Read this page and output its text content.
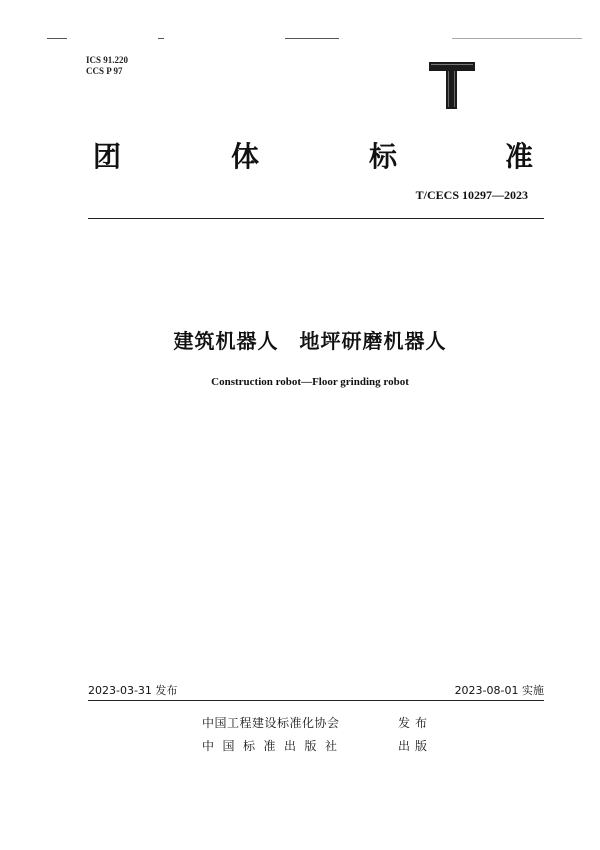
ICS 91.220
CCS P 97
团	体	标	准
T/CECS 10297—2023
建筑机器人　地坪研磨机器人
Construction robot—Floor grinding robot
2023-03-31 发布	2023-08-01 实施
中国工程建设标准化协会	发布
中国标准出版社	出版
